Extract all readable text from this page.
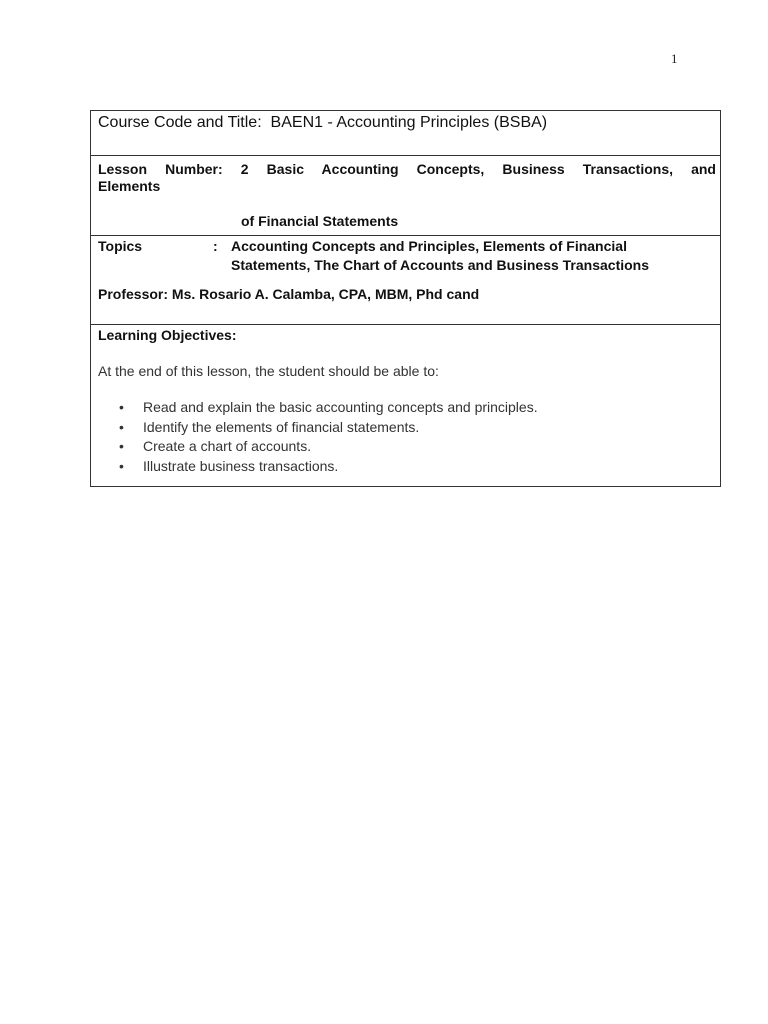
1
Course Code and Title: BAEN1 - Accounting Principles (BSBA)
Lesson Number: 2 Basic Accounting Concepts, Business Transactions, and
Elements
of Financial Statements
Topics	: Accounting Concepts and Principles, Elements of Financial
Statements, The Chart of Accounts and Business Transactions
Professor: Ms. Rosario A. Calamba, CPA, MBM, Phd cand
Learning Objectives:
At the end of this lesson, the student should be able to:
•	Read and explain the basic accounting concepts and principles.
•	Identify the elements of financial statements.
•	Create a chart of accounts.
•	Illustrate business transactions.
